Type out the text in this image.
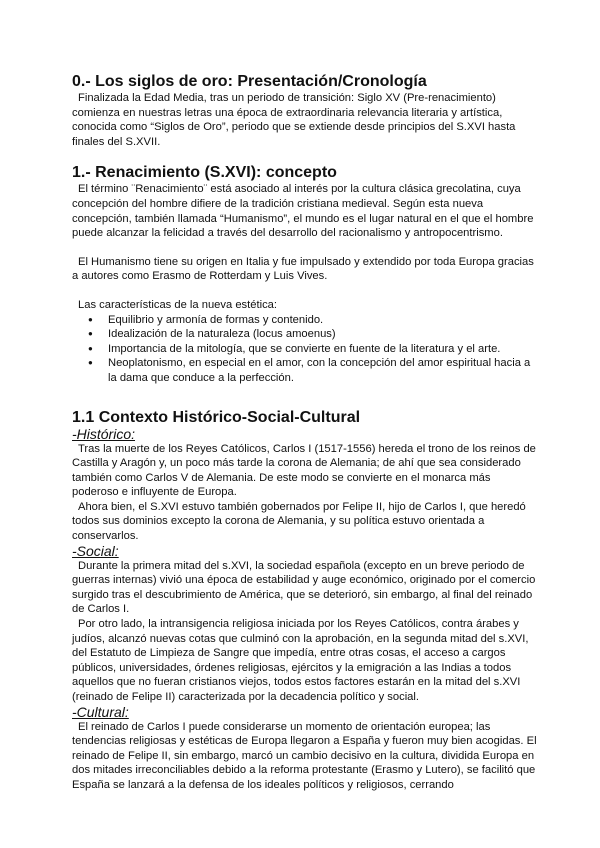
0.- Los siglos de oro: Presentación/Cronología

Finalizada la Edad Media, tras un periodo de transición: Siglo XV (Pre-renacimiento) comienza en nuestras letras una época de extraordinaria relevancia literaria y artística, conocida como “Siglos de Oro”, periodo que se extiende desde principios del S.XVI hasta finales del S.XVII.

1.- Renacimiento (S.XVI): concepto

El término ¨Renacimiento¨ está asociado al interés por la cultura clásica grecolatina, cuya concepción del hombre difiere de la tradición cristiana medieval. Según esta nueva concepción, también llamada “Humanismo”, el mundo es el lugar natural en el que el hombre puede alcanzar la felicidad a través del desarrollo del racionalismo y antropocentrismo.

El Humanismo tiene su origen en Italia y fue impulsado y extendido por toda Europa gracias a autores como Erasmo de Rotterdam y Luis Vives.

Las características de la nueva estética:

● Equilibrio y armonía de formas y contenido.
● Idealización de la naturaleza (locus amoenus)
● Importancia de la mitología, que se convierte en fuente de la literatura y el arte.
● Neoplatonismo, en especial en el amor, con la concepción del amor espiritual hacia a la dama que conduce a la perfección.
1.1 Contexto Histórico-Social-Cultural

-Histórico:

Tras la muerte de los Reyes Católicos, Carlos I (1517-1556) hereda el trono de los reinos de Castilla y Aragón y, un poco más tarde la corona de Alemania; de ahí que sea considerado también como Carlos V de Alemania. De este modo se convierte en el monarca más poderoso e influyente de Europa.

Ahora bien, el S.XVI estuvo también gobernados por Felipe II, hijo de Carlos I, que heredó todos sus dominios excepto la corona de Alemania, y su política estuvo orientada a conservarlos.

-Social:

Durante la primera mitad del s.XVI, la sociedad española (excepto en un breve periodo de guerras internas) vivió una época de estabilidad y auge económico, originado por el comercio surgido tras el descubrimiento de América, que se deterioró, sin embargo, al final del reinado de Carlos I.

Por otro lado, la intransigencia religiosa iniciada por los Reyes Católicos, contra árabes y judíos, alcanzó nuevas cotas que culminó con la aprobación, en la segunda mitad del s.XVI, del Estatuto de Limpieza de Sangre que impedía, entre otras cosas, el acceso a cargos públicos, universidades, órdenes religiosas, ejércitos y la emigración a las Indias a todos aquellos que no fueran cristianos viejos, todos estos factores estarán en la mitad del s.XVI (reinado de Felipe II) caracterizada por la decadencia político y social.

-Cultural:

El reinado de Carlos I puede considerarse un momento de orientación europea; las tendencias religiosas y estéticas de Europa llegaron a España y fueron muy bien acogidas. El reinado de Felipe II, sin embargo, marcó un cambio decisivo en la cultura, dividida Europa en dos mitades irreconciliables debido a la reforma protestante (Erasmo y Lutero), se facilitó que España se lanzará a la defensa de los ideales políticos y religiosos, cerrando
